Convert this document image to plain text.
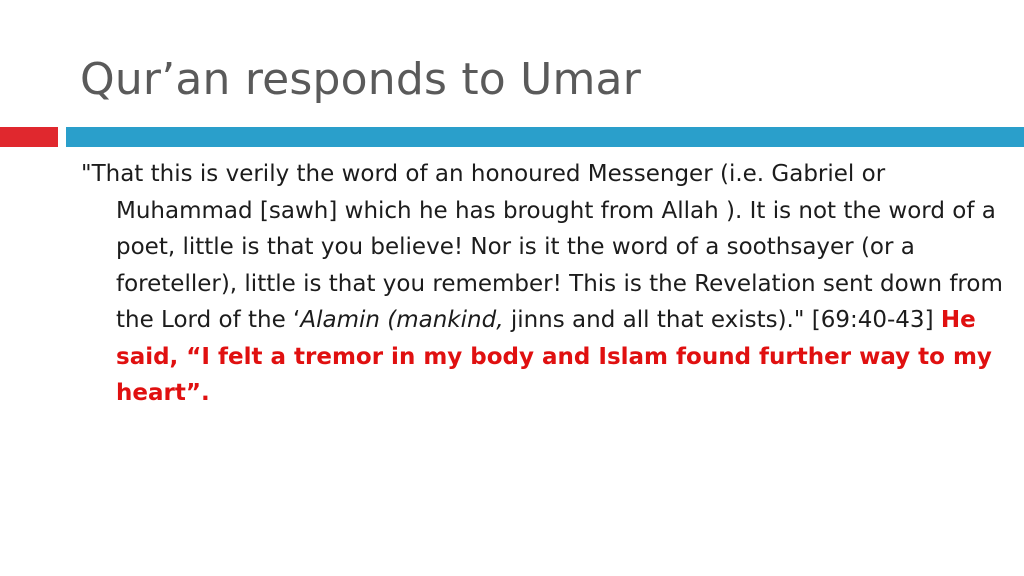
Qur’an responds to Umar

"That this is verily the word of an honoured Messenger (i.e. Gabriel or Muhammad [sawh] which he has brought from Allah ). It is not the word of a poet, little is that you believe! Nor is it the word of a soothsayer (or a foreteller), little is that you remember! This is the Revelation sent down from the Lord of the ‘Alamin (mankind, jinns and all that exists)." [69:40-43] He said, “I felt a tremor in my body and Islam found further way to my heart”.
